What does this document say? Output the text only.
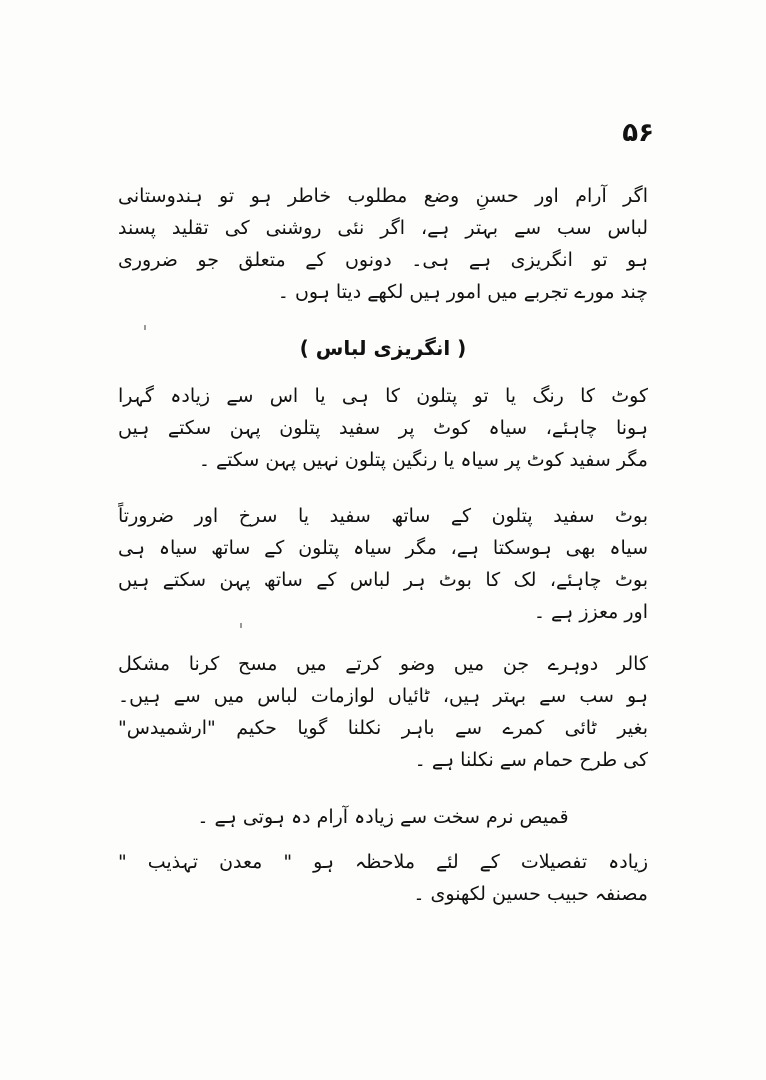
۵۶
اگر آرام اور حسنِ وضع مطلوب خاطر ہو تو ہندوستانی
لباس سب سے بہتر ہے، اگر نئی روشنی کی تقلید پسند
ہو تو انگریزی ہے ہی۔ دونوں کے متعلق جو ضروری
چند مورے تجربے میں امور ہیں لکھے دیتا ہوں ۔
( انگریزی لباس )
کوٹ کا رنگ یا تو پتلون کا ہی یا اس سے زیادہ گہرا
ہونا چاہئے، سیاہ کوٹ پر سفید پتلون پہن سکتے ہیں
مگر سفید کوٹ پر سیاہ یا رنگین پتلون نہیں پہن سکتے ۔
بوٹ سفید پتلون کے ساتھ سفید یا سرخ اور ضرورتاً
سیاہ بھی ہوسکتا ہے، مگر سیاہ پتلون کے ساتھ سیاہ ہی
بوٹ چاہئے، لک کا بوٹ ہر لباس کے ساتھ پہن سکتے ہیں
اور معزز ہے ۔
کالر دوہرے جن میں وضو کرتے میں مسح کرنا مشکل
ہو سب سے بہتر ہیں، ٹائیاں لوازمات لباس میں سے ہیں۔
بغیر ٹائی کمرے سے باہر نکلنا گویا حکیم "ارشمیدس"
کی طرح حمام سے نکلنا ہے ۔
قمیص نرم سخت سے زیادہ آرام دہ ہوتی ہے ۔
زیادہ تفصیلات کے لئے ملاحظہ ہو " معدن تہذیب "
مصنفہ حبیب حسین لکھنوی ۔
